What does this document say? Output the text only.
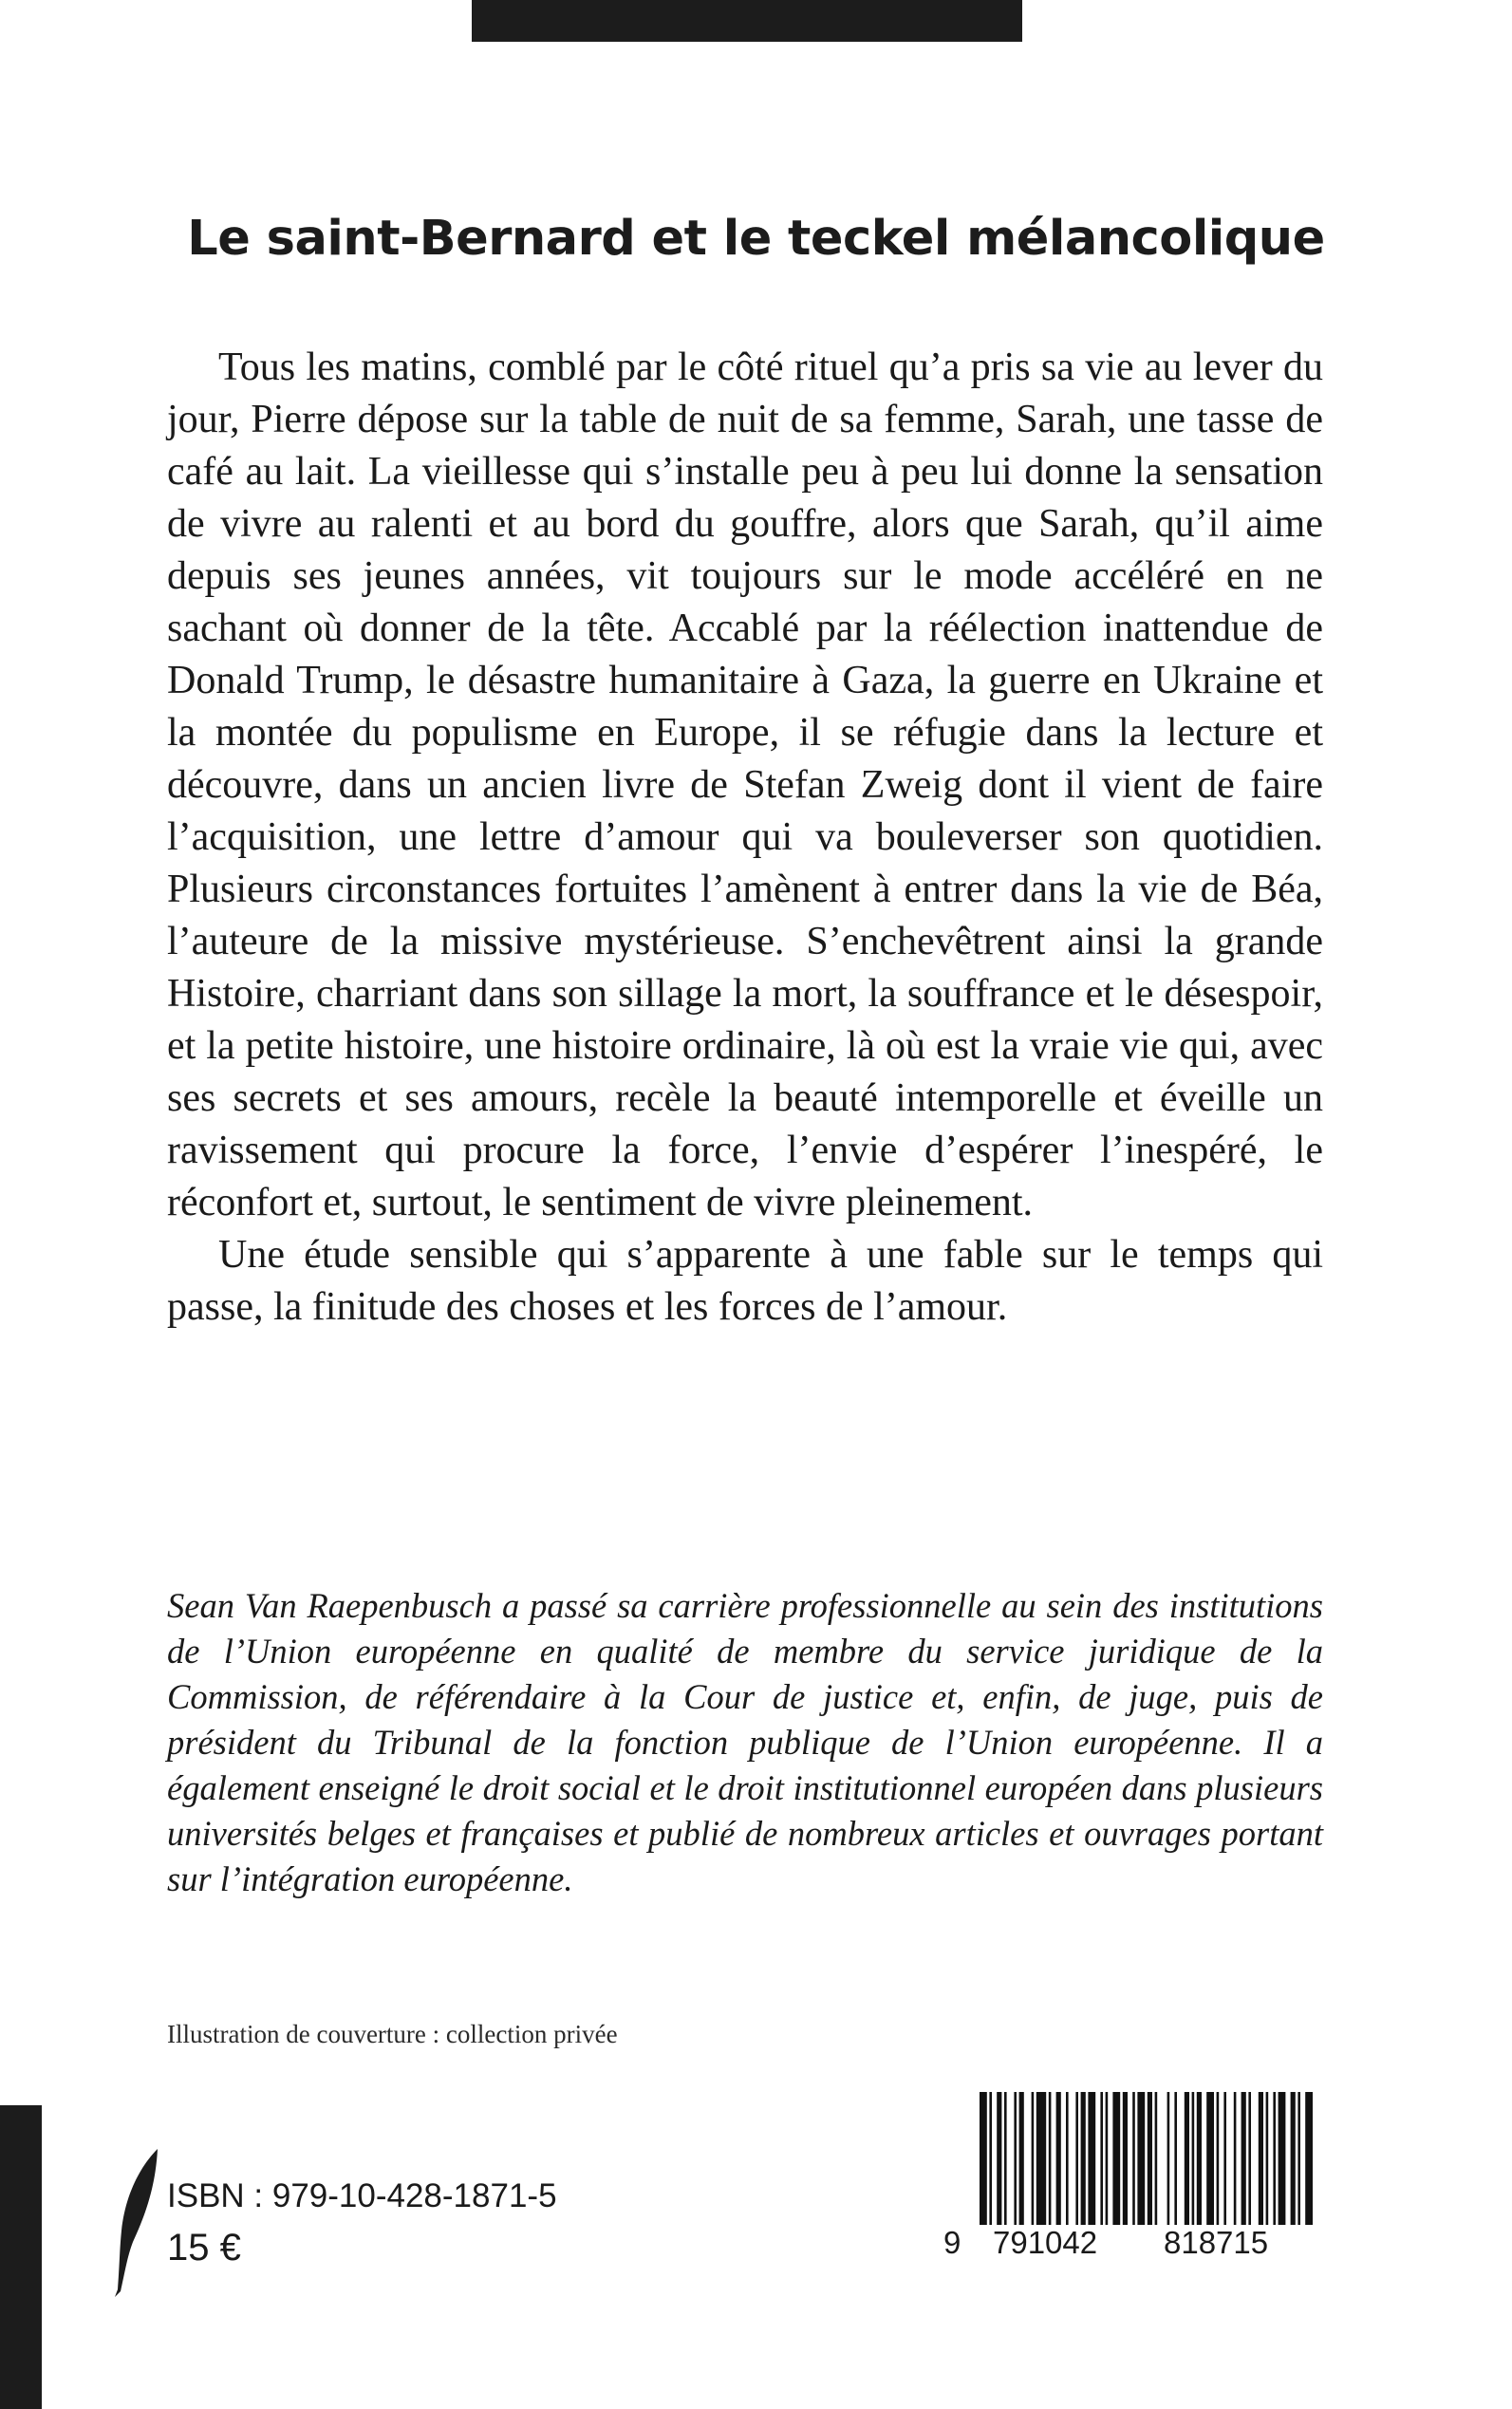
Le saint-Bernard et le teckel mélancolique

Tous les matins, comblé par le côté rituel qu’a pris sa vie au lever du jour, Pierre dépose sur la table de nuit de sa femme, Sarah, une tasse de café au lait. La vieillesse qui s’installe peu à peu lui donne la sensation de vivre au ralenti et au bord du gouffre, alors que Sarah, qu’il aime depuis ses jeunes années, vit toujours sur le mode accéléré en ne sachant où donner de la tête. Accablé par la réélection inattendue de Donald Trump, le désastre humanitaire à Gaza, la guerre en Ukraine et la montée du populisme en Europe, il se réfugie dans la lecture et découvre, dans un ancien livre de Stefan Zweig dont il vient de faire l’acquisition, une lettre d’amour qui va bouleverser son quotidien. Plusieurs circonstances fortuites l’amènent à entrer dans la vie de Béa, l’auteure de la missive mystérieuse. S’enchevêtrent ainsi la grande Histoire, charriant dans son sillage la mort, la souffrance et le désespoir, et la petite histoire, une histoire ordinaire, là où est la vraie vie qui, avec ses secrets et ses amours, recèle la beauté intemporelle et éveille un ravissement qui procure la force, l’envie d’espérer l’inespéré, le réconfort et, surtout, le sentiment de vivre pleinement.

Une étude sensible qui s’apparente à une fable sur le temps qui passe, la finitude des choses et les forces de l’amour.

Sean Van Raepenbusch a passé sa carrière professionnelle au sein des institutions de l’Union européenne en qualité de membre du service juridique de la Commission, de référendaire à la Cour de justice et, enfin, de juge, puis de président du Tribunal de la fonction publique de l’Union européenne. Il a également enseigné le droit social et le droit institutionnel européen dans plusieurs universités belges et françaises et publié de nombreux articles et ouvrages portant sur l’intégration européenne.

Illustration de couverture : collection privée
ISBN : 979-10-428-1871-5
15 €	9 791042 818715
